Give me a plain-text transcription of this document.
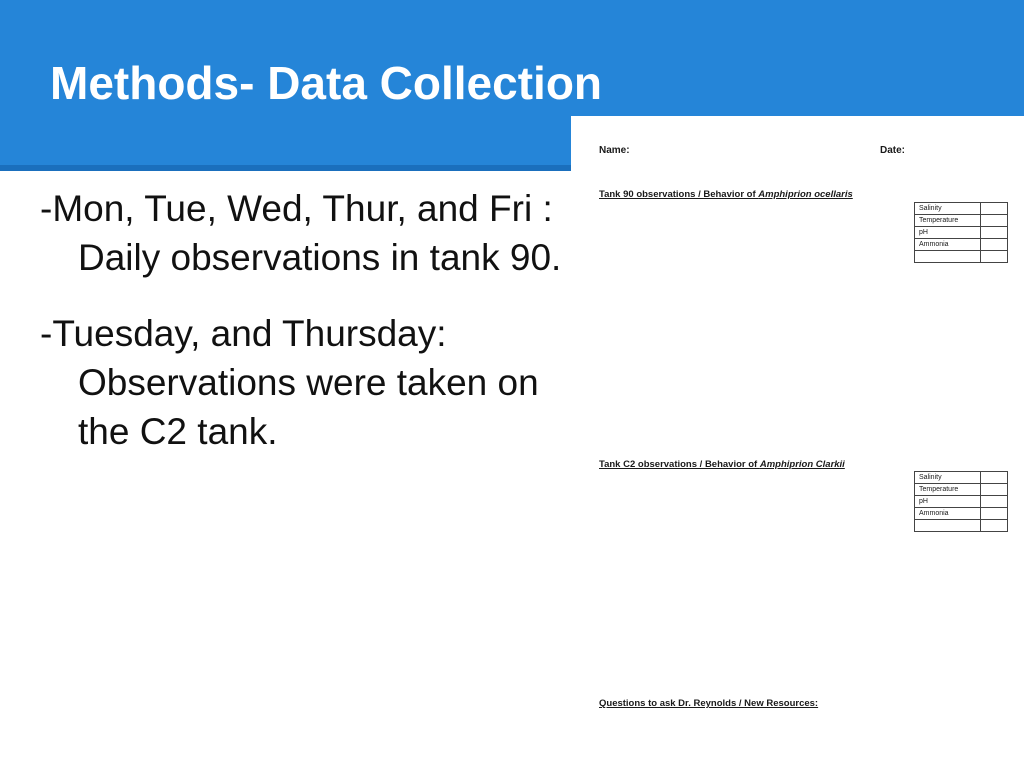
Methods- Data Collection

-Mon, Tue, Wed, Thur, and Fri : Daily observations in tank 90.

-Tuesday, and Thursday: Observations were taken on the C2 tank.

Name:	Date:
Tank 90 observations / Behavior of Amphiprion ocellaris
Salinity	
Temperature	
pH	
Ammonia	

Tank C2 observations / Behavior of Amphiprion Clarkii
Salinity	
Temperature	
pH	
Ammonia	

Questions to ask Dr. Reynolds / New Resources:
